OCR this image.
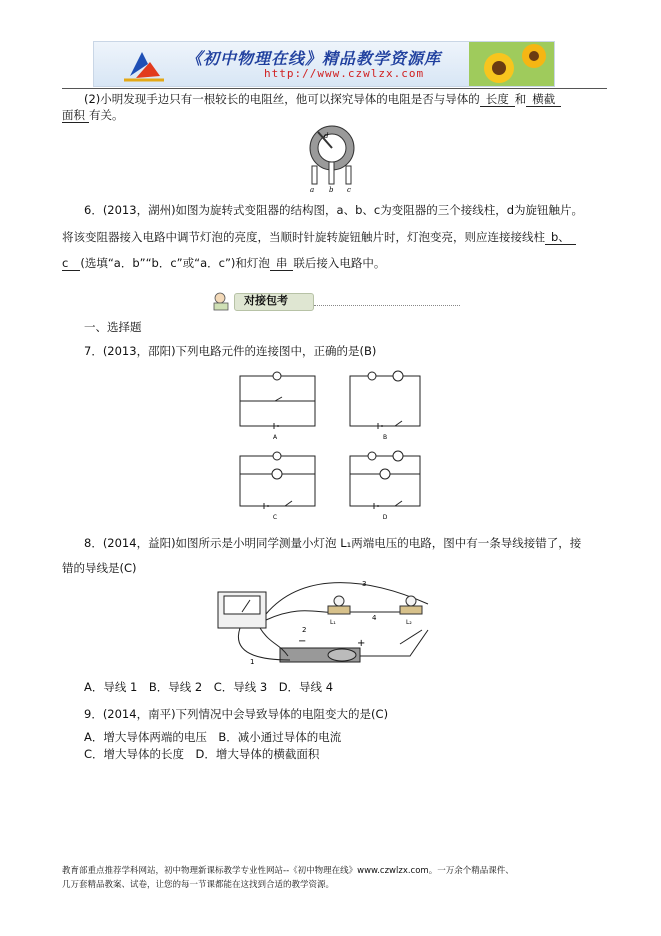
《初中物理在线》精品教学资源库
http://www.czwlzx.com
(2)小明发现手边只有一根较长的电阻丝，他可以探究导体的电阻是否与导体的 长度 和 横截
面积 有关。
a b c
d
6．(2013，湖州)如图为旋转式变阻器的结构图，a、b、c为变阻器的三个接线柱，d为旋钮触片。
将该变阻器接入电路中调节灯泡的亮度，当顺时针旋转旋钮触片时，灯泡变亮，则应连接接线柱 b、
c (选填“a．b”“b．c”或“a．c”)和灯泡 串 联后接入电路中。
对接包考
一、选择题
7．(2013，邵阳)下列电路元件的连接图中，正确的是(B)
A	B
C	D
8．(2014，益阳)如图所示是小明同学测量小灯泡 L₁两端电压的电路，图中有一条导线接错了，接
错的导线是(C)
3
4
2
1
L₁	L₂
−	+
A．导线 1　B．导线 2　C．导线 3　D．导线 4
9．(2014，南平)下列情况中会导致导体的电阻变大的是(C)
A．增大导体两端的电压　B．减小通过导体的电流
C．增大导体的长度　D．增大导体的横截面积
教育部重点推荐学科网站，初中物理新课标教学专业性网站--《初中物理在线》www.czwlzx.com。一万余个精品课件、
几万套精品教案、试卷，让您的每一节课都能在这找到合适的教学资源。
